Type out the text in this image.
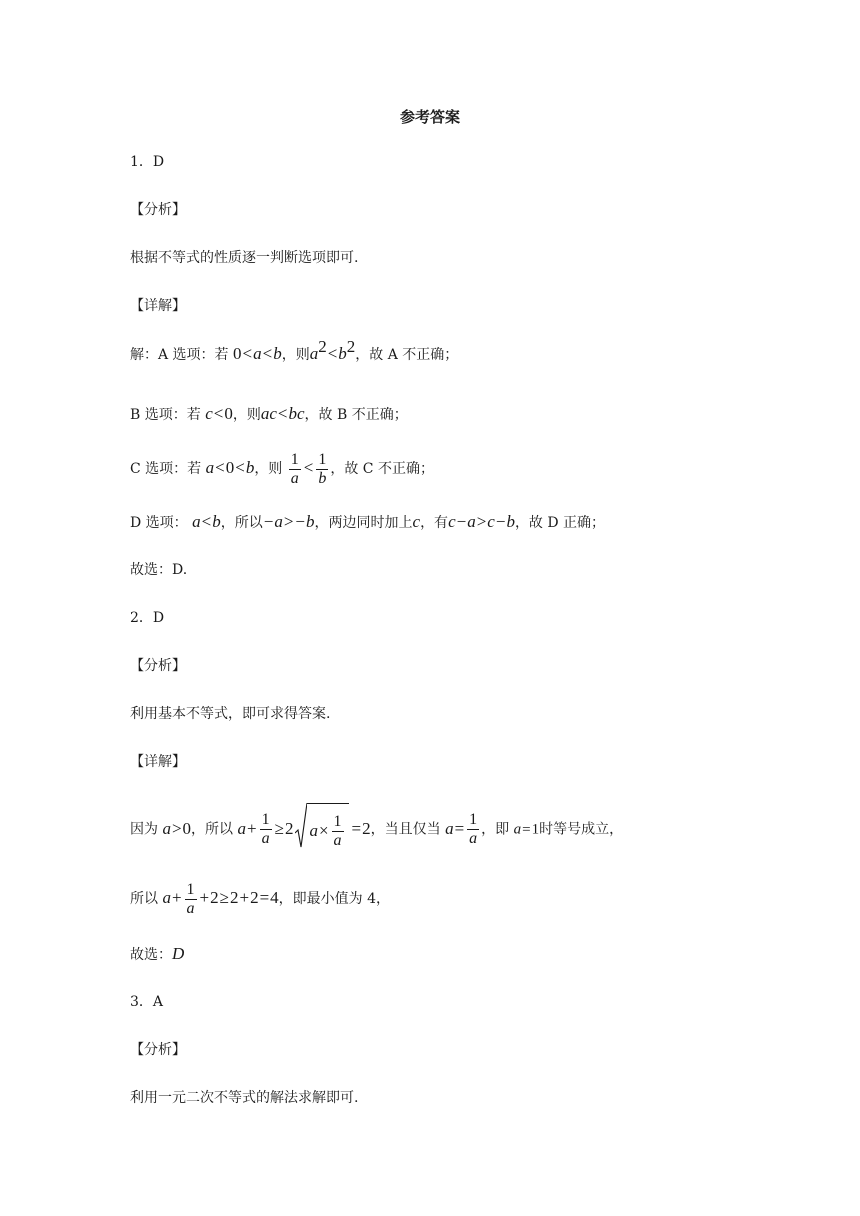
参考答案
1．D
【分析】
根据不等式的性质逐一判断选项即可.
【详解】
解：A 选项：若 0<a<b，则$a^2<b^2$，故 A 不正确；
B 选项：若 c<0，则ac<bc，故 B 不正确；
C 选项：若 a<0<b，则 $\frac{1}{a} < \frac{1}{b}$ ，故 C 不正确；
D 选项： a<b，所以−a> −b，两边同时加上c，有c−a>c−b，故 D 正确；
故选：D.
2．D
【分析】
利用基本不等式，即可求得答案.
【详解】
因为 a>0，所以 $a+ \frac{1}{a} \ge 2$ $a \times \frac{1}{a} =2$，当且仅当 $a= \frac{1}{a}$ ，即 a=1时等号成立，
所以 $a+ \frac{1}{a} +2\ge 2+2=4$，即最小值为 4，
故选：D
3．A
【分析】
利用一元二次不等式的解法求解即可.
